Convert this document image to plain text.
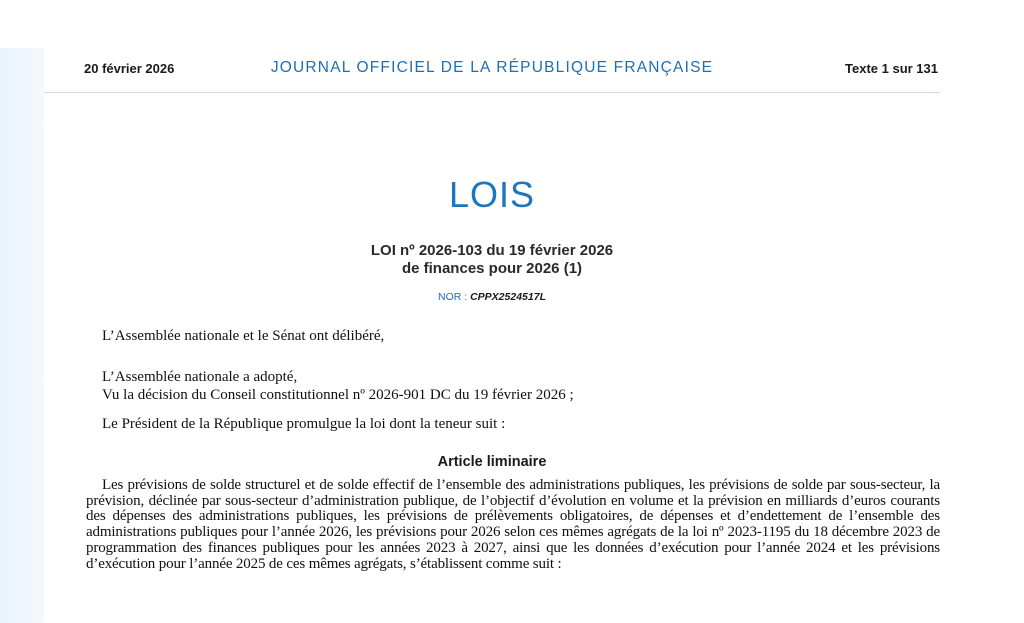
20 février 2026	JOURNAL OFFICIEL DE LA RÉPUBLIQUE FRANÇAISE	Texte 1 sur 131
LOIS
LOI nº 2026-103 du 19 février 2026
de finances pour 2026 (1)
NOR : CPPX2524517L
L’Assemblée nationale et le Sénat ont délibéré,
L’Assemblée nationale a adopté,
Vu la décision du Conseil constitutionnel nº 2026-901 DC du 19 février 2026 ;
Le Président de la République promulgue la loi dont la teneur suit :
Article liminaire
Les prévisions de solde structurel et de solde effectif de l’ensemble des administrations publiques, les prévisions de solde par sous-secteur, la prévision, déclinée par sous-secteur d’administration publique, de l’objectif d’évolution en volume et la prévision en milliards d’euros courants des dépenses des administrations publiques, les prévisions de prélèvements obligatoires, de dépenses et d’endettement de l’ensemble des administrations publiques pour l’année 2026, les prévisions pour 2026 selon ces mêmes agrégats de la loi nº 2023-1195 du 18 décembre 2023 de programmation des finances publiques pour les années 2023 à 2027, ainsi que les données d’exécution pour l’année 2024 et les prévisions d’exécution pour l’année 2025 de ces mêmes agrégats, s’établissent comme suit :
